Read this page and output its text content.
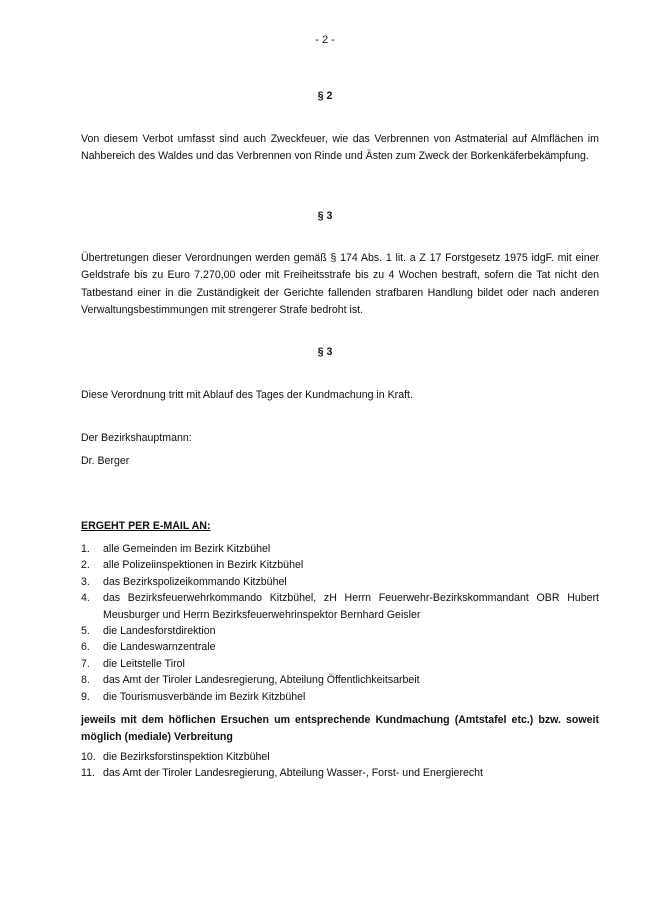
- 2 -
§ 2
Von diesem Verbot umfasst sind auch Zweckfeuer, wie das Verbrennen von Astmaterial auf Almflächen im Nahbereich des Waldes und das Verbrennen von Rinde und Ästen zum Zweck der Borkenkäferbekämpfung.
§ 3
Übertretungen dieser Verordnungen werden gemäß § 174 Abs. 1 lit. a Z 17 Forstgesetz 1975 idgF. mit einer Geldstrafe bis zu Euro 7.270,00 oder mit Freiheitsstrafe bis zu 4 Wochen bestraft, sofern die Tat nicht den Tatbestand einer in die Zuständigkeit der Gerichte fallenden strafbaren Handlung bildet oder nach anderen Verwaltungsbestimmungen mit strengerer Strafe bedroht ist.
§ 3
Diese Verordnung tritt mit Ablauf des Tages der Kundmachung in Kraft.
Der Bezirkshauptmann:
Dr. Berger
ERGEHT PER E-MAIL AN:
1.	alle Gemeinden im Bezirk Kitzbühel
2.	alle Polizeiinspektionen in Bezirk Kitzbühel
3.	das Bezirkspolizeikommando Kitzbühel
4.	das Bezirksfeuerwehrkommando Kitzbühel, zH Herrn Feuerwehr-Bezirkskommandant OBR Hubert Meusburger und Herrn Bezirksfeuerwehrinspektor Bernhard Geisler
5.	die Landesforstdirektion
6.	die Landeswarnzentrale
7.	die Leitstelle Tirol
8.	das Amt der Tiroler Landesregierung, Abteilung Öffentlichkeitsarbeit
9.	die Tourismusverbände im Bezirk Kitzbühel
jeweils mit dem höflichen Ersuchen um entsprechende Kundmachung (Amtstafel etc.) bzw. soweit möglich (mediale) Verbreitung
10. die Bezirksforstinspektion Kitzbühel
11. das Amt der Tiroler Landesregierung, Abteilung Wasser-, Forst- und Energierecht
